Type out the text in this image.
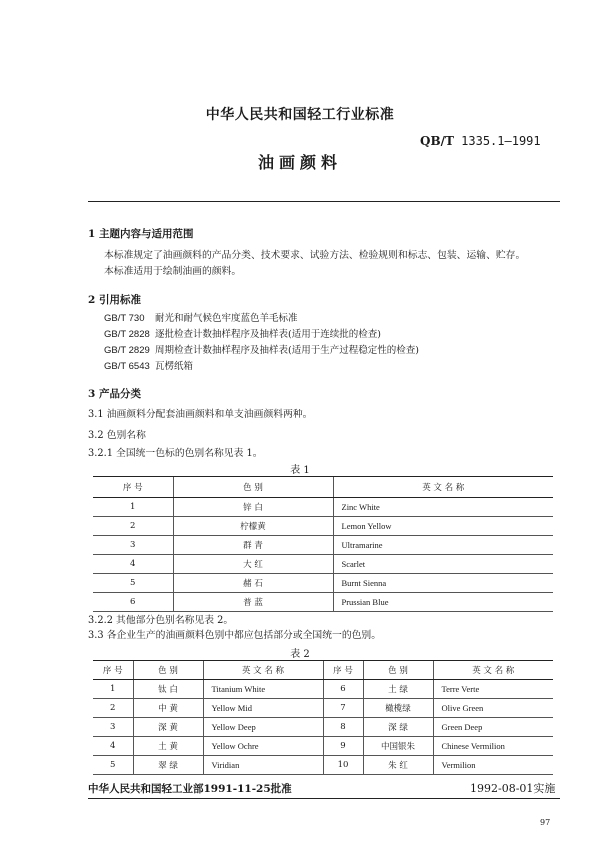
中华人民共和国轻工行业标准
QB/T 1335.1—1991
油画颜料
1 主题内容与适用范围
本标准规定了油画颜料的产品分类、技术要求、试验方法、检验规则和标志、包装、运输、贮存。
本标准适用于绘制油画的颜料。
2 引用标准
GB/T 730 耐光和耐气候色牢度蓝色羊毛标准
GB/T 2828 逐批检查计数抽样程序及抽样表(适用于连续批的检查)
GB/T 2829 周期检查计数抽样程序及抽样表(适用于生产过程稳定性的检查)
GB/T 6543 瓦楞纸箱
3 产品分类
3.1 油画颜料分配套油画颜料和单支油画颜料两种。
3.2 色别名称
3.2.1 全国统一色标的色别名称见表 1。
表 1
序 号	色 别	英 文 名 称
1	锌 白	Zinc White
2	柠檬黄	Lemon Yellow
3	群 青	Ultramarine
4	大 红	Scarlet
5	赭 石	Burnt Sienna
6	普 蓝	Prussian Blue
3.2.2 其他部分色别名称见表 2。
3.3 各企业生产的油画颜料色别中都应包括部分或全国统一的色别。
表 2
序 号	色 别	英 文 名 称	序 号	色 别	英 文 名 称
1	钛 白	Titanium White	6	土 绿	Terre Verte
2	中 黄	Yellow Mid	7	橄榄绿	Olive Green
3	深 黄	Yellow Deep	8	深 绿	Green Deep
4	土 黄	Yellow Ochre	9	中国银朱	Chinese Vermilion
5	翠 绿	Viridian	10	朱 红	Vermilion
中华人民共和国轻工业部1991-11-25批准	1992-08-01实施
97
